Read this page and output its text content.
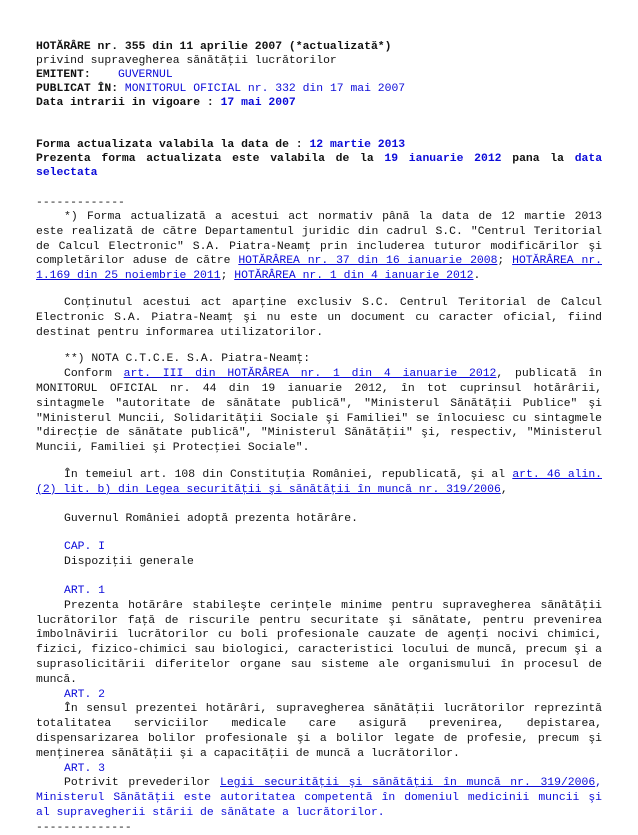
HOTĂRÂRE nr. 355 din 11 aprilie 2007 (*actualizată*)
privind supravegherea sănătăţii lucrătorilor
EMITENT: GUVERNUL
PUBLICAT ÎN: MONITORUL OFICIAL nr. 332 din 17 mai 2007
Data intrarii in vigoare : 17 mai 2007
Forma actualizata valabila la data de : 12 martie 2013
Prezenta forma actualizata este valabila de la 19 ianuarie 2012 pana la data selectata
-------------
*) Forma actualizată a acestui act normativ până la data de 12 martie 2013 este realizată de către Departamentul juridic din cadrul S.C. "Centrul Teritorial de Calcul Electronic" S.A. Piatra-Neamţ prin includerea tuturor modificărilor şi completărilor aduse de către HOTĂRÂREA nr. 37 din 16 ianuarie 2008; HOTĂRÂREA nr. 1.169 din 25 noiembrie 2011; HOTĂRÂREA nr. 1 din 4 ianuarie 2012.
Conţinutul acestui act aparţine exclusiv S.C. Centrul Teritorial de Calcul Electronic S.A. Piatra-Neamţ şi nu este un document cu caracter oficial, fiind destinat pentru informarea utilizatorilor.
**) NOTA C.T.C.E. S.A. Piatra-Neamţ:
Conform art. III din HOTĂRÂREA nr. 1 din 4 ianuarie 2012, publicată în MONITORUL OFICIAL nr. 44 din 19 ianuarie 2012, în tot cuprinsul hotărârii, sintagmele "autoritate de sănătate publică", "Ministerul Sănătăţii Publice" şi "Ministerul Muncii, Solidarităţii Sociale şi Familiei" se înlocuiesc cu sintagmele "direcţie de sănătate publică", "Ministerul Sănătăţii" şi, respectiv, "Ministerul Muncii, Familiei şi Protecţiei Sociale".
În temeiul art. 108 din Constituţia României, republicată, şi al art. 46 alin. (2) lit. b) din Legea securităţii şi sănătăţii în muncă nr. 319/2006,
Guvernul României adoptă prezenta hotărâre.
CAP. I
Dispoziţii generale
ART. 1
Prezenta hotărâre stabileşte cerinţele minime pentru supravegherea sănătăţii lucrătorilor faţă de riscurile pentru securitate şi sănătate, pentru prevenirea îmbolnăvirii lucrătorilor cu boli profesionale cauzate de agenţi nocivi chimici, fizici, fizico-chimici sau biologici, caracteristici locului de muncă, precum şi a suprasolicitării diferitelor organe sau sisteme ale organismului în procesul de muncă.
ART. 2
În sensul prezentei hotărâri, supravegherea sănătăţii lucrătorilor reprezintă totalitatea serviciilor medicale care asigură prevenirea, depistarea, dispensarizarea bolilor profesionale şi a bolilor legate de profesie, precum şi menţinerea sănătăţii şi a capacităţii de muncă a lucrătorilor.
ART. 3
Potrivit prevederilor Legii securităţii şi sănătăţii în muncă nr. 319/2006, Ministerul Sănătăţii este autoritatea competentă în domeniul medicinii muncii şi al supravegherii stării de sănătate a lucrătorilor.
--------------
